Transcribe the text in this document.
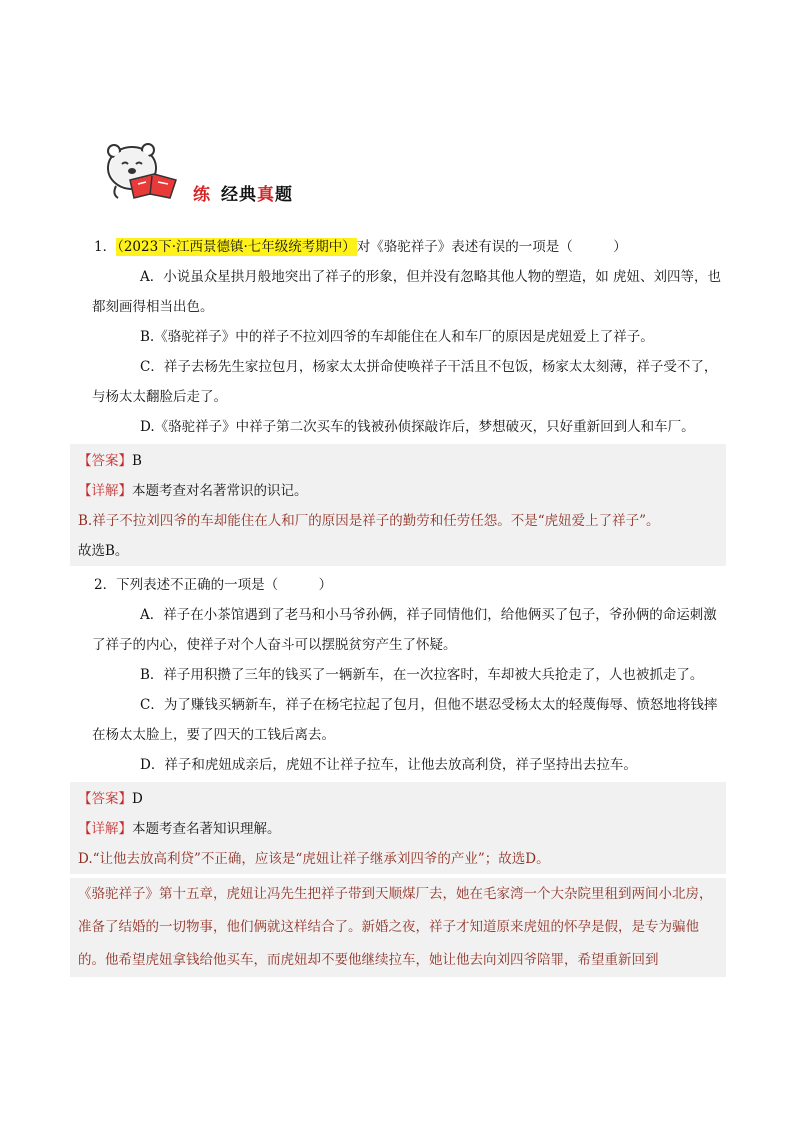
练 经典真题

1．（2023下·江西景德镇·七年级统考期中）对《骆驼祥子》表述有误的一项是（　　　）

A．小说虽众星拱月般地突出了祥子的形象，但并没有忽略其他人物的塑造，如 虎妞、刘四等，也都刻画得相当出色。

B.《骆驼祥子》中的祥子不拉刘四爷的车却能住在人和车厂的原因是虎妞爱上了祥子。

C．祥子去杨先生家拉包月，杨家太太拼命使唤祥子干活且不包饭，杨家太太刻薄，祥子受不了，与杨太太翻脸后走了。

D.《骆驼祥子》中祥子第二次买车的钱被孙侦探敲诈后，梦想破灭，只好重新回到人和车厂。

【答案】B

【详解】本题考查对名著常识的识记。

B.祥子不拉刘四爷的车却能住在人和厂的原因是祥子的勤劳和任劳任怨。不是“虎妞爱上了祥子”。

故选B。

2．下列表述不正确的一项是（　　　）

A．祥子在小茶馆遇到了老马和小马爷孙俩，祥子同情他们，给他俩买了包子，爷孙俩的命运刺激了祥子的内心，使祥子对个人奋斗可以摆脱贫穷产生了怀疑。

B．祥子用积攒了三年的钱买了一辆新车，在一次拉客时，车却被大兵抢走了，人也被抓走了。

C．为了赚钱买辆新车，祥子在杨宅拉起了包月，但他不堪忍受杨太太的轻蔑侮辱、愤怒地将钱摔在杨太太脸上，要了四天的工钱后离去。

D．祥子和虎妞成亲后，虎妞不让祥子拉车，让他去放高利贷，祥子坚持出去拉车。

【答案】D

【详解】本题考查名著知识理解。

D.“让他去放高利贷”不正确，应该是“虎妞让祥子继承刘四爷的产业”；故选D。

《骆驼祥子》第十五章，虎妞让冯先生把祥子带到天顺煤厂去，她在毛家湾一个大杂院里租到两间小北房，准备了结婚的一切物事，他们俩就这样结合了。新婚之夜，祥子才知道原来虎妞的怀孕是假，是专为骗他的。他希望虎妞拿钱给他买车，而虎妞却不要他继续拉车，她让他去向刘四爷陪罪，希望重新回到
